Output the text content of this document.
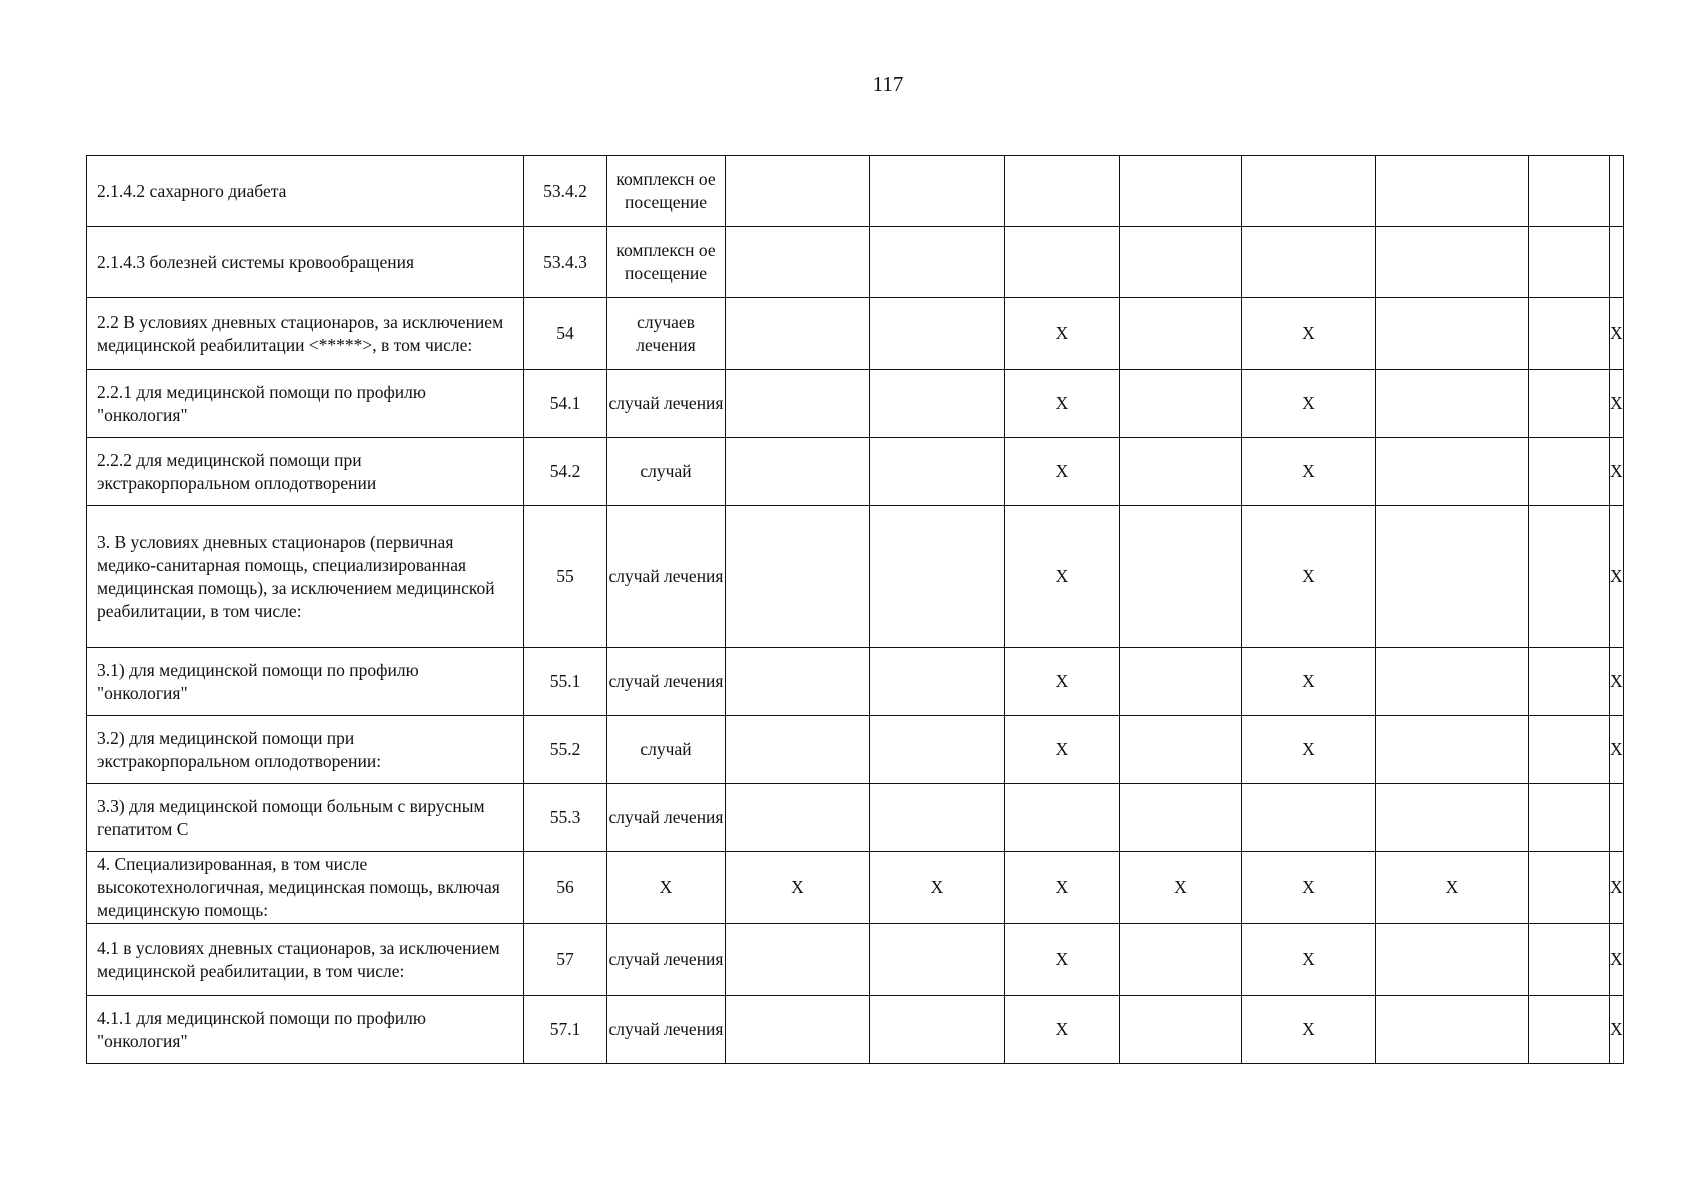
117
2.1.4.2 сахарного диабета	53.4.2	комплексн ое посещение								

2.1.4.3 болезней системы кровообращения	53.4.3	комплексн ое посещение								

2.2 В условиях дневных стационаров, за исключением медицинской реабилитации <*****>, в том числе:	54	случаев лечения			X		X			X

2.2.1 для медицинской помощи по профилю "онкология"	54.1	случай лечения			X		X			X

2.2.2 для медицинской помощи при экстракорпоральном оплодотворении	54.2	случай			X		X			X

3. В условиях дневных стационаров (первичная медико-санитарная помощь, специализированная медицинская помощь), за исключением медицинской реабилитации, в том числе:	55	случай лечения			X		X			X

3.1) для медицинской помощи по профилю "онкология"	55.1	случай лечения			X		X			X

3.2) для медицинской помощи при экстракорпоральном оплодотворении:	55.2	случай			X		X			X

3.3) для медицинской помощи больным с вирусным гепатитом С	55.3	случай лечения								

4. Специализированная, в том числе высокотехнологичная, медицинская помощь, включая медицинскую помощь:	56	X	X	X	X	X	X	X		X

4.1 в условиях дневных стационаров, за исключением медицинской реабилитации, в том числе:	57	случай лечения			X		X			X

4.1.1 для медицинской помощи по профилю "онкология"	57.1	случай лечения			X		X			X
